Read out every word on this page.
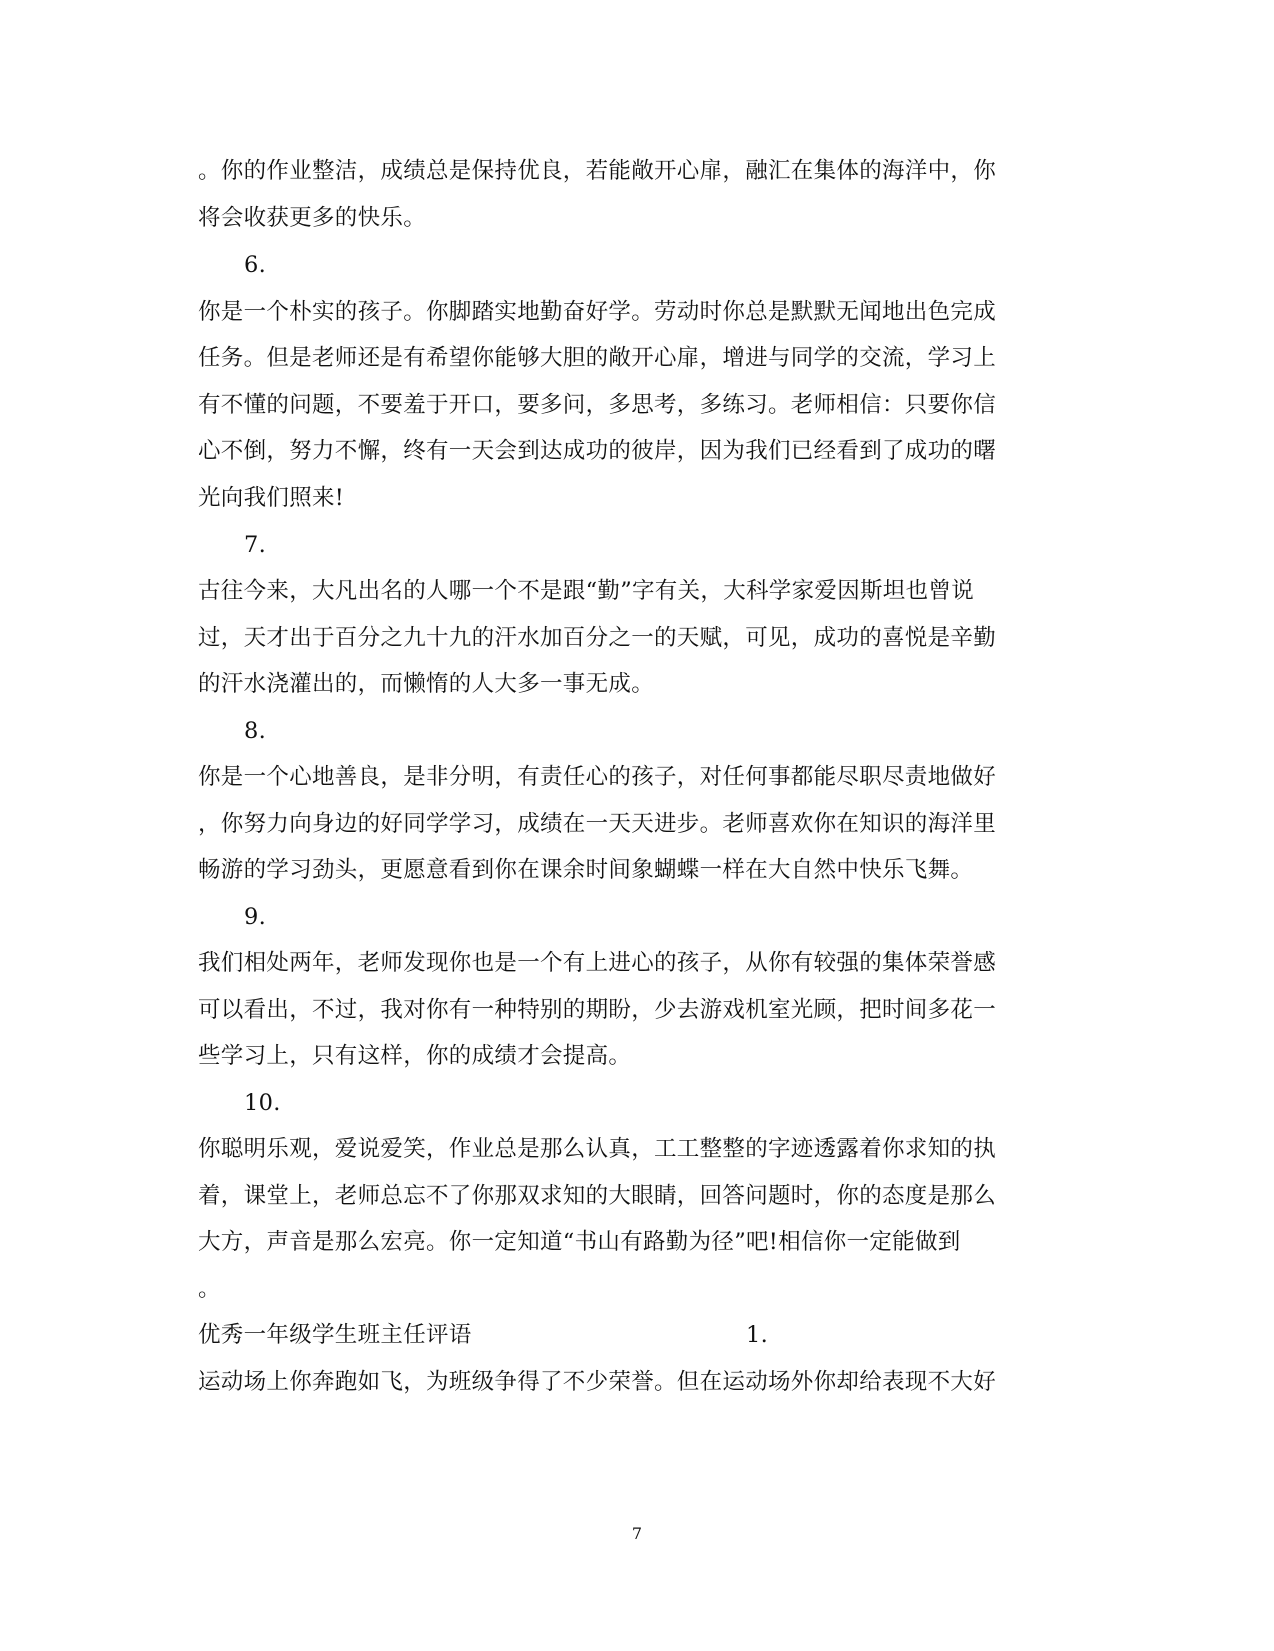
。你的作业整洁，成绩总是保持优良，若能敞开心扉，融汇在集体的海洋中，你
将会收获更多的快乐。
6.
你是一个朴实的孩子。你脚踏实地勤奋好学。劳动时你总是默默无闻地出色完成
任务。但是老师还是有希望你能够大胆的敞开心扉，增进与同学的交流，学习上
有不懂的问题，不要羞于开口，要多问，多思考，多练习。老师相信：只要你信
心不倒，努力不懈，终有一天会到达成功的彼岸，因为我们已经看到了成功的曙
光向我们照来!
7.
古往今来，大凡出名的人哪一个不是跟“勤”字有关，大科学家爱因斯坦也曾说
过，天才出于百分之九十九的汗水加百分之一的天赋，可见，成功的喜悦是辛勤
的汗水浇灌出的，而懒惰的人大多一事无成。
8.
你是一个心地善良，是非分明，有责任心的孩子，对任何事都能尽职尽责地做好
，你努力向身边的好同学学习，成绩在一天天进步。老师喜欢你在知识的海洋里
畅游的学习劲头，更愿意看到你在课余时间象蝴蝶一样在大自然中快乐飞舞。
9.
我们相处两年，老师发现你也是一个有上进心的孩子，从你有较强的集体荣誉感
可以看出，不过，我对你有一种特别的期盼，少去游戏机室光顾，把时间多花一
些学习上，只有这样，你的成绩才会提高。
10.
你聪明乐观，爱说爱笑，作业总是那么认真，工工整整的字迹透露着你求知的执
着，课堂上，老师总忘不了你那双求知的大眼睛，回答问题时，你的态度是那么
大方，声音是那么宏亮。你一定知道“书山有路勤为径”吧!相信你一定能做到
。
优秀一年级学生班主任评语	1.
运动场上你奔跑如飞，为班级争得了不少荣誉。但在运动场外你却给表现不大好
7
